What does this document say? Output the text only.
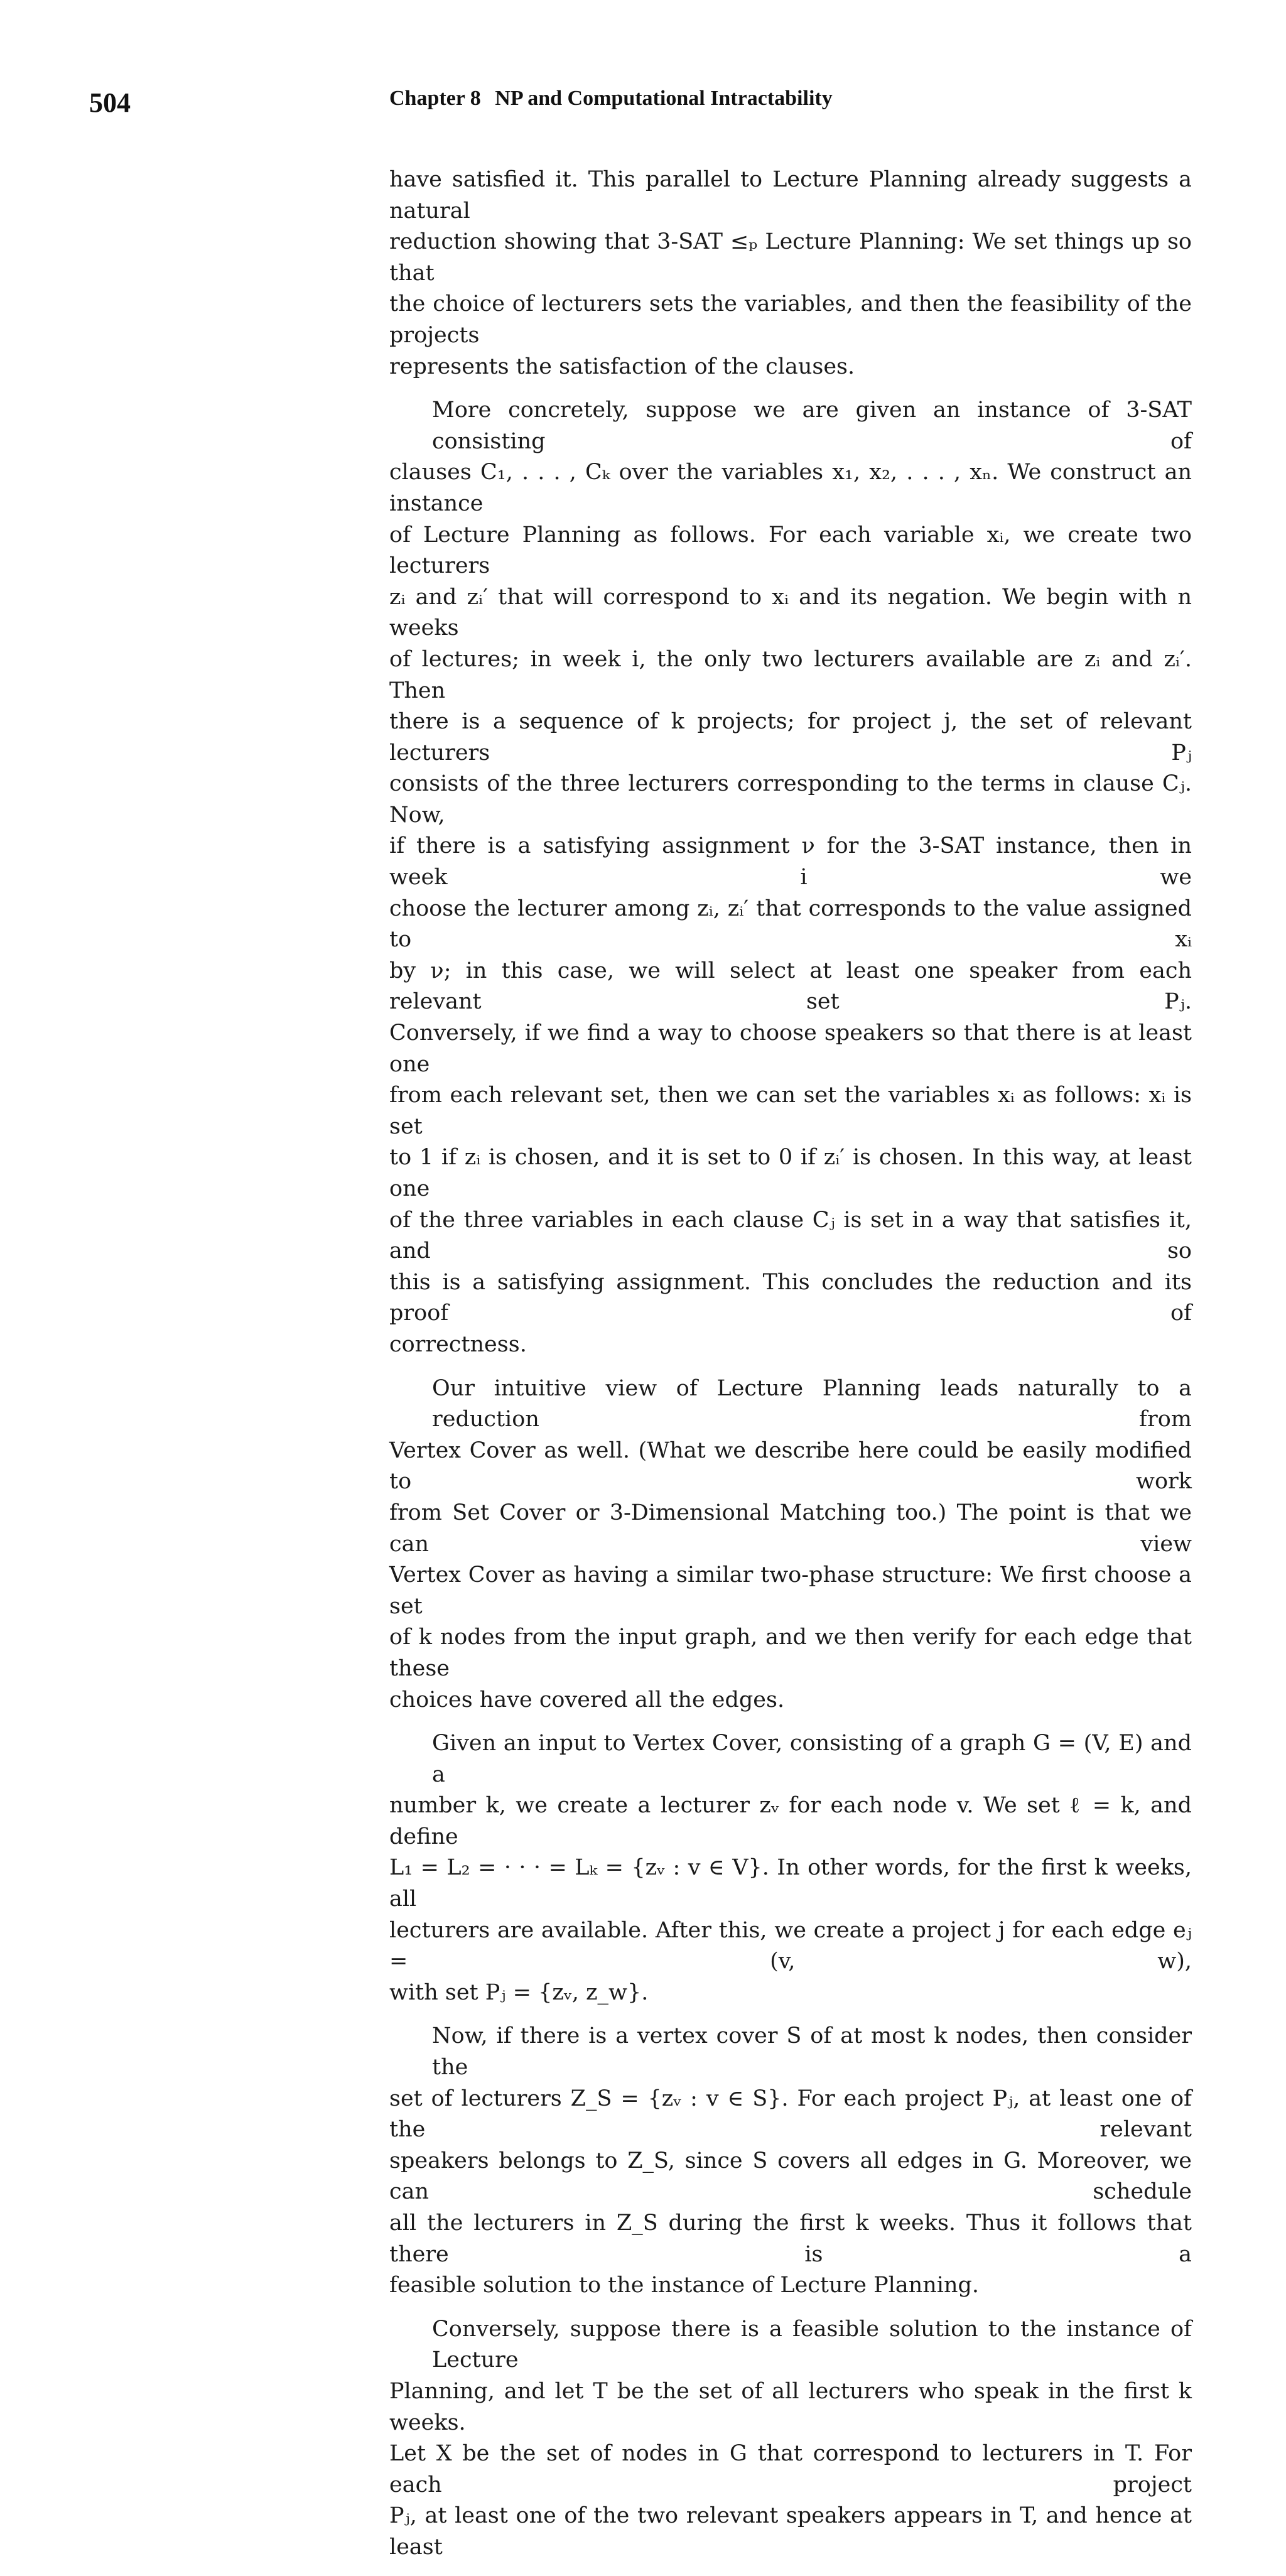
504	Chapter 8 NP and Computational Intractability

have satisfied it. This parallel to Lecture Planning already suggests a natural
reduction showing that 3-SAT ≤ₚ Lecture Planning: We set things up so that
the choice of lecturers sets the variables, and then the feasibility of the projects
represents the satisfaction of the clauses.

More concretely, suppose we are given an instance of 3-SAT consisting of
clauses C₁, . . . , Cₖ over the variables x₁, x₂, . . . , xₙ. We construct an instance
of Lecture Planning as follows. For each variable xᵢ, we create two lecturers
zᵢ and zᵢ′ that will correspond to xᵢ and its negation. We begin with n weeks
of lectures; in week i, the only two lecturers available are zᵢ and zᵢ′. Then
there is a sequence of k projects; for project j, the set of relevant lecturers Pⱼ
consists of the three lecturers corresponding to the terms in clause Cⱼ. Now,
if there is a satisfying assignment ν for the 3-SAT instance, then in week i we
choose the lecturer among zᵢ, zᵢ′ that corresponds to the value assigned to xᵢ
by ν; in this case, we will select at least one speaker from each relevant set Pⱼ.
Conversely, if we find a way to choose speakers so that there is at least one
from each relevant set, then we can set the variables xᵢ as follows: xᵢ is set
to 1 if zᵢ is chosen, and it is set to 0 if zᵢ′ is chosen. In this way, at least one
of the three variables in each clause Cⱼ is set in a way that satisfies it, and so
this is a satisfying assignment. This concludes the reduction and its proof of
correctness.

Our intuitive view of Lecture Planning leads naturally to a reduction from
Vertex Cover as well. (What we describe here could be easily modified to work
from Set Cover or 3-Dimensional Matching too.) The point is that we can view
Vertex Cover as having a similar two-phase structure: We first choose a set
of k nodes from the input graph, and we then verify for each edge that these
choices have covered all the edges.

Given an input to Vertex Cover, consisting of a graph G = (V, E) and a
number k, we create a lecturer zᵥ for each node v. We set ℓ = k, and define
L₁ = L₂ = · · · = Lₖ = {zᵥ : v ∈ V}. In other words, for the first k weeks, all
lecturers are available. After this, we create a project j for each edge eⱼ = (v, w),
with set Pⱼ = {zᵥ, z_w}.

Now, if there is a vertex cover S of at most k nodes, then consider the
set of lecturers Z_S = {zᵥ : v ∈ S}. For each project Pⱼ, at least one of the relevant
speakers belongs to Z_S, since S covers all edges in G. Moreover, we can schedule
all the lecturers in Z_S during the first k weeks. Thus it follows that there is a
feasible solution to the instance of Lecture Planning.

Conversely, suppose there is a feasible solution to the instance of Lecture
Planning, and let T be the set of all lecturers who speak in the first k weeks.
Let X be the set of nodes in G that correspond to lecturers in T. For each project
Pⱼ, at least one of the two relevant speakers appears in T, and hence at least
